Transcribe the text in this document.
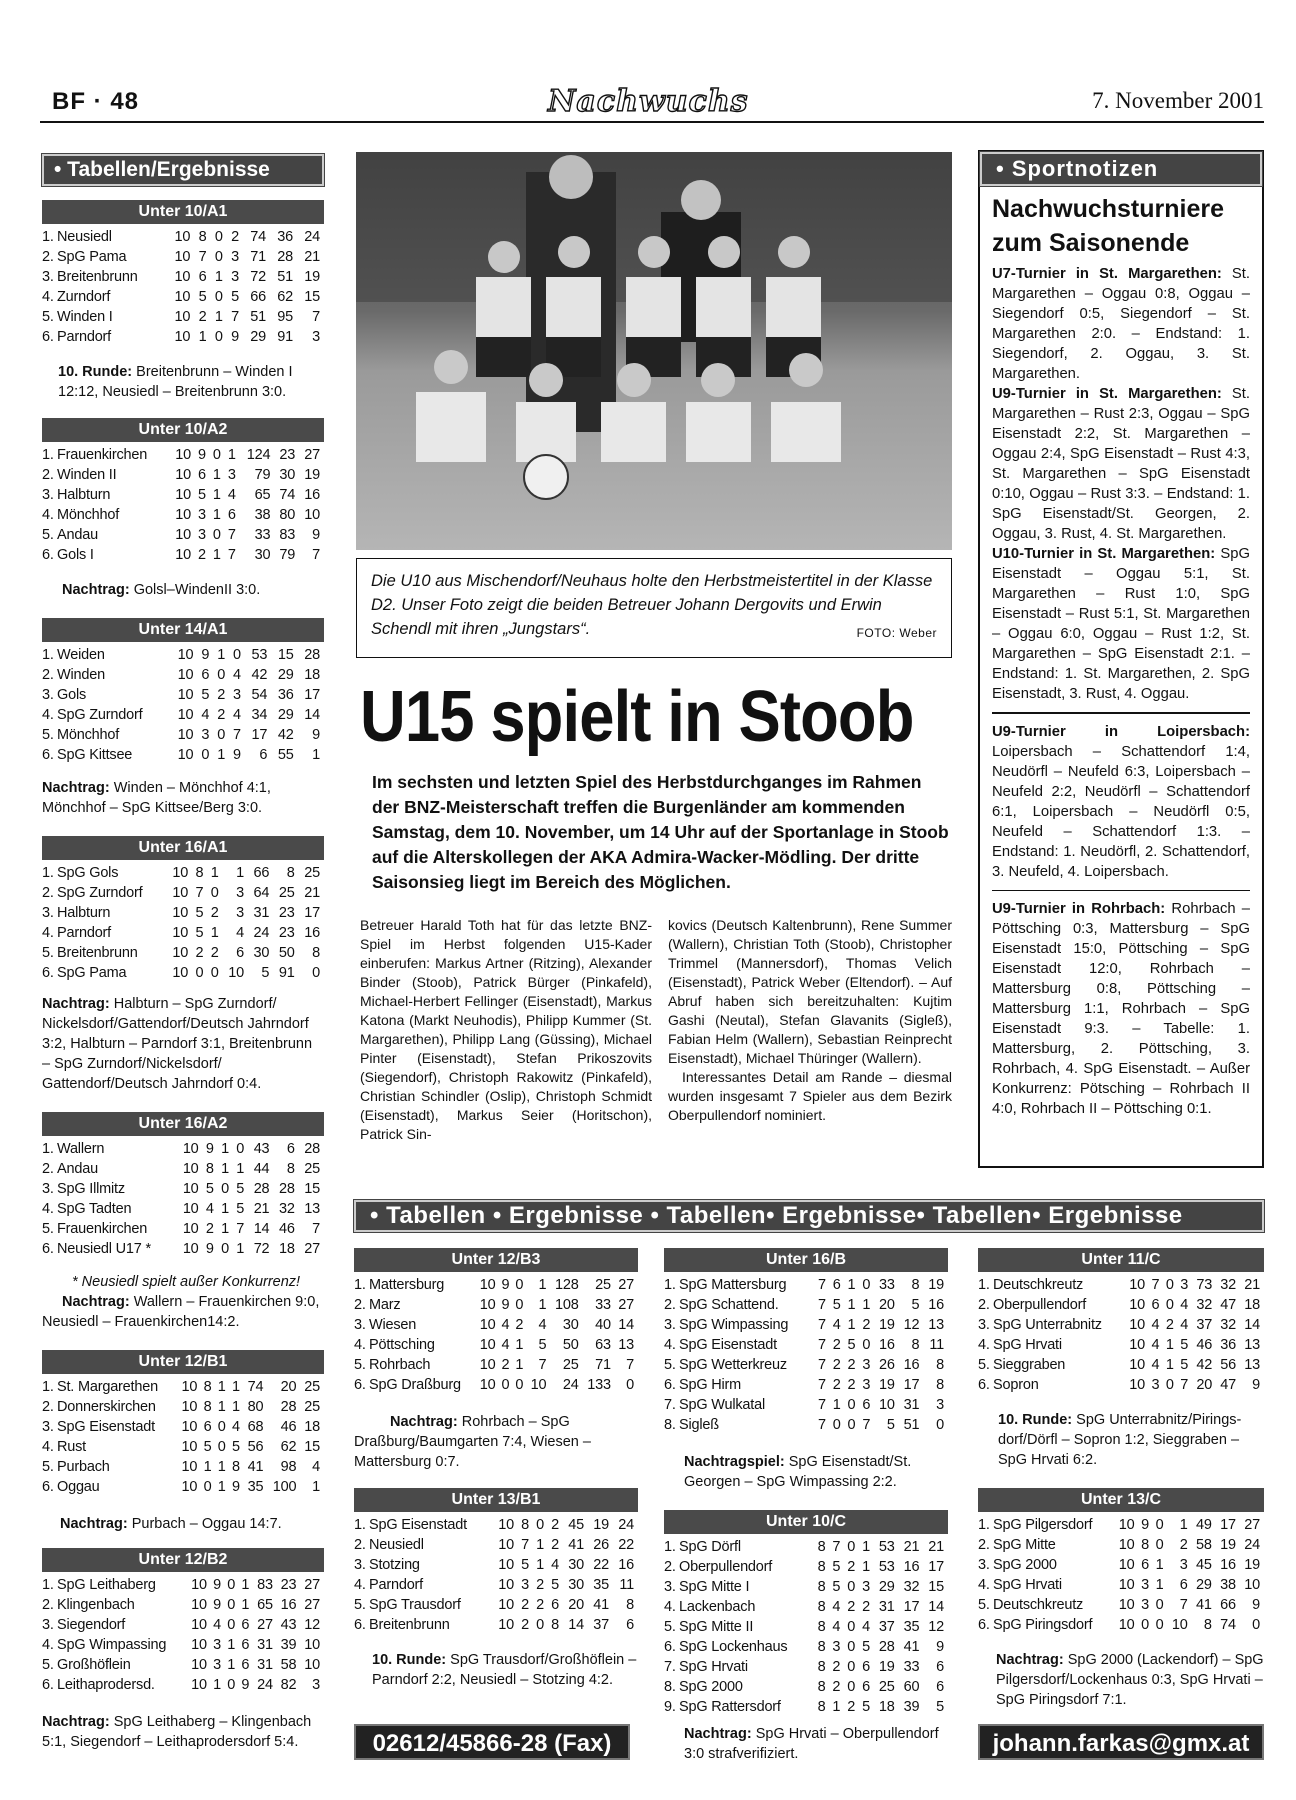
BF · 48	Nachwuchs	7. November 2001
• Tabellen/Ergebnisse
Unter 10/A1
1.	Neusiedl	10	8	0	2	74	36	24
2.	SpG Pama	10	7	0	3	71	28	21
3.	Breitenbrunn	10	6	1	3	72	51	19
4.	Zurndorf	10	5	0	5	66	62	15
5.	Winden I	10	2	1	7	51	95	7
6.	Parndorf	10	1	0	9	29	91	3
10. Runde: Breitenbrunn – Winden I 12:12, Neusiedl – Breitenbrunn 3:0.
Unter 10/A2
1.	Frauenkirchen	10	9	0	1	124	23	27
2.	Winden II	10	6	1	3	79	30	19
3.	Halbturn	10	5	1	4	65	74	16
4.	Mönchhof	10	3	1	6	38	80	10
5.	Andau	10	3	0	7	33	83	9
6.	Gols I	10	2	1	7	30	79	7
Nachtrag: Golsl–WindenII 3:0.
Unter 14/A1
1.	Weiden	10	9	1	0	53	15	28
2.	Winden	10	6	0	4	42	29	18
3.	Gols	10	5	2	3	54	36	17
4.	SpG Zurndorf	10	4	2	4	34	29	14
5.	Mönchhof	10	3	0	7	17	42	9
6.	SpG Kittsee	10	0	1	9	6	55	1
Nachtrag: Winden – Mönchhof 4:1, Mönchhof – SpG Kittsee/Berg 3:0.
Unter 16/A1
1.	SpG Gols	10	8	1	1	66	8	25
2.	SpG Zurndorf	10	7	0	3	64	25	21
3.	Halbturn	10	5	2	3	31	23	17
4.	Parndorf	10	5	1	4	24	23	16
5.	Breitenbrunn	10	2	2	6	30	50	8
6.	SpG Pama	10	0	0	10	5	91	0
Nachtrag: Halbturn – SpG Zurndorf/ Nickelsdorf/Gattendorf/Deutsch Jahrndorf 3:2, Halbturn – Parndorf 3:1, Breitenbrunn – SpG Zurndorf/Nickelsdorf/ Gattendorf/Deutsch Jahrndorf 0:4.
Unter 16/A2
1.	Wallern	10	9	1	0	43	6	28
2.	Andau	10	8	1	1	44	8	25
3.	SpG Illmitz	10	5	0	5	28	28	15
4.	SpG Tadten	10	4	1	5	21	32	13
5.	Frauenkirchen	10	2	1	7	14	46	7
6.	Neusiedl U17 *	10	9	0	1	72	18	27
* Neusiedl spielt außer Konkurrenz!
Nachtrag: Wallern – Frauenkirchen 9:0, Neusiedl – Frauenkirchen14:2.
Unter 12/B1
1.	St. Margarethen	10	8	1	1	74	20	25
2.	Donnerskirchen	10	8	1	1	80	28	25
3.	SpG Eisenstadt	10	6	0	4	68	46	18
4.	Rust	10	5	0	5	56	62	15
5.	Purbach	10	1	1	8	41	98	4
6.	Oggau	10	0	1	9	35	100	1
Nachtrag: Purbach – Oggau 14:7.
Unter 12/B2
1.	SpG Leithaberg	10	9	0	1	83	23	27
2.	Klingenbach	10	9	0	1	65	16	27
3.	Siegendorf	10	4	0	6	27	43	12
4.	SpG Wimpassing	10	3	1	6	31	39	10
5.	Großhöflein	10	3	1	6	31	58	10
6.	Leithaprodersd.	10	1	0	9	24	82	3
Nachtrag: SpG Leithaberg – Klingenbach 5:1, Siegendorf – Leithaprodersdorf 5:4.
Die U10 aus Mischendorf/Neuhaus holte den Herbstmeistertitel in der Klasse D2. Unser Foto zeigt die beiden Betreuer Johann Dergovits und Erwin Schendl mit ihren „Jungstars“.	FOTO: Weber
U15 spielt in Stoob
Im sechsten und letzten Spiel des Herbstdurchganges im Rahmen der BNZ-Meisterschaft treffen die Burgenländer am kommenden Samstag, dem 10. November, um 14 Uhr auf der Sportanlage in Stoob auf die Alterskollegen der AKA Admira-Wacker-Mödling. Der dritte Saisonsieg liegt im Bereich des Möglichen.
Betreuer Harald Toth hat für das letzte BNZ-Spiel im Herbst folgenden U15-Kader einberufen: Markus Artner (Ritzing), Alexander Binder (Stoob), Patrick Bürger (Pinkafeld), Michael-Herbert Fellinger (Eisenstadt), Markus Katona (Markt Neuhodis), Philipp Kummer (St. Margarethen), Philipp Lang (Güssing), Michael Pinter (Eisenstadt), Stefan Prikoszovits (Siegendorf), Christoph Rakowitz (Pinkafeld), Christian Schindler (Oslip), Christoph Schmidt (Eisenstadt), Markus Seier (Horitschon), Patrick Sin-
kovics (Deutsch Kaltenbrunn), Rene Summer (Wallern), Christian Toth (Stoob), Christopher Trimmel (Mannersdorf), Thomas Velich (Eisenstadt), Patrick Weber (Eltendorf). – Auf Abruf haben sich bereitzuhalten: Kujtim Gashi (Neutal), Stefan Glavanits (Sigleß), Fabian Helm (Wallern), Sebastian Reinprecht Eisenstadt), Michael Thüringer (Wallern).
Interessantes Detail am Rande – diesmal wurden insgesamt 7 Spieler aus dem Bezirk Oberpullendorf nominiert.
• Sportnotizen
Nachwuchsturniere zum Saisonende
U7-Turnier in St. Margarethen: St. Margarethen – Oggau 0:8, Oggau – Siegendorf 0:5, Siegendorf – St. Margarethen 2:0. – Endstand: 1. Siegendorf, 2. Oggau, 3. St. Margarethen.
U9-Turnier in St. Margarethen: St. Margarethen – Rust 2:3, Oggau – SpG Eisenstadt 2:2, St. Margarethen – Oggau 2:4, SpG Eisenstadt – Rust 4:3, St. Margarethen – SpG Eisenstadt 0:10, Oggau – Rust 3:3. – Endstand: 1. SpG Eisenstadt/St. Georgen, 2. Oggau, 3. Rust, 4. St. Margarethen.
U10-Turnier in St. Margarethen: SpG Eisenstadt – Oggau 5:1, St. Margarethen – Rust 1:0, SpG Eisenstadt – Rust 5:1, St. Margarethen – Oggau 6:0, Oggau – Rust 1:2, St. Margarethen – SpG Eisenstadt 2:1. – Endstand: 1. St. Margarethen, 2. SpG Eisenstadt, 3. Rust, 4. Oggau.
U9-Turnier in Loipersbach: Loipersbach – Schattendorf 1:4, Neudörfl – Neufeld 6:3, Loipersbach – Neufeld 2:2, Neudörfl – Schattendorf 6:1, Loipersbach – Neudörfl 0:5, Neufeld – Schattendorf 1:3. – Endstand: 1. Neudörfl, 2. Schattendorf, 3. Neufeld, 4. Loipersbach.
U9-Turnier in Rohrbach: Rohrbach – Pöttsching 0:3, Mattersburg – SpG Eisenstadt 15:0, Pöttsching – SpG Eisenstadt 12:0, Rohrbach – Mattersburg 0:8, Pöttsching – Mattersburg 1:1, Rohrbach – SpG Eisenstadt 9:3. – Tabelle: 1. Mattersburg, 2. Pöttsching, 3. Rohrbach, 4. SpG Eisenstadt. – Außer Konkurrenz: Pötsching – Rohrbach II 4:0, Rohrbach II – Pöttsching 0:1.
• Tabellen • Ergebnisse • Tabellen• Ergebnisse• Tabellen• Ergebnisse
Unter 12/B3
1.	Mattersburg	10	9	0	1	128	25	27
2.	Marz	10	9	0	1	108	33	27
3.	Wiesen	10	4	2	4	30	40	14
4.	Pöttsching	10	4	1	5	50	63	13
5.	Rohrbach	10	2	1	7	25	71	7
6.	SpG Draßburg	10	0	0	10	24	133	0
Nachtrag: Rohrbach – SpG Draßburg/Baumgarten 7:4, Wiesen – Mattersburg 0:7.
Unter 13/B1
1.	SpG Eisenstadt	10	8	0	2	45	19	24
2.	Neusiedl	10	7	1	2	41	26	22
3.	Stotzing	10	5	1	4	30	22	16
4.	Parndorf	10	3	2	5	30	35	11
5.	SpG Trausdorf	10	2	2	6	20	41	8
6.	Breitenbrunn	10	2	0	8	14	37	6
10. Runde: SpG Trausdorf/Großhöflein – Parndorf 2:2, Neusiedl – Stotzing 4:2.
02612/45866-28 (Fax)
Unter 16/B
1.	SpG Mattersburg	7	6	1	0	33	8	19
2.	SpG Schattend.	7	5	1	1	20	5	16
3.	SpG Wimpassing	7	4	1	2	19	12	13
4.	SpG Eisenstadt	7	2	5	0	16	8	11
5.	SpG Wetterkreuz	7	2	2	3	26	16	8
6.	SpG Hirm	7	2	2	3	19	17	8
7.	SpG Wulkatal	7	1	0	6	10	31	3
8.	Sigleß	7	0	0	7	5	51	0
Nachtragspiel: SpG Eisenstadt/St. Georgen – SpG Wimpassing 2:2.
Unter 10/C
1.	SpG Dörfl	8	7	0	1	53	21	21
2.	Oberpullendorf	8	5	2	1	53	16	17
3.	SpG Mitte I	8	5	0	3	29	32	15
4.	Lackenbach	8	4	2	2	31	17	14
5.	SpG Mitte II	8	4	0	4	37	35	12
6.	SpG Lockenhaus	8	3	0	5	28	41	9
7.	SpG Hrvati	8	2	0	6	19	33	6
8.	SpG 2000	8	2	0	6	25	60	6
9.	SpG Rattersdorf	8	1	2	5	18	39	5
Nachtrag: SpG Hrvati – Oberpullendorf 3:0 strafverifiziert.
Unter 11/C
1.	Deutschkreutz	10	7	0	3	73	32	21
2.	Oberpullendorf	10	6	0	4	32	47	18
3.	SpG Unterrabnitz	10	4	2	4	37	32	14
4.	SpG Hrvati	10	4	1	5	46	36	13
5.	Sieggraben	10	4	1	5	42	56	13
6.	Sopron	10	3	0	7	20	47	9
10. Runde: SpG Unterrabnitz/Pirings-dorf/Dörfl – Sopron 1:2, Sieggraben – SpG Hrvati 6:2.
Unter 13/C
1.	SpG Pilgersdorf	10	9	0	1	49	17	27
2.	SpG Mitte	10	8	0	2	58	19	24
3.	SpG 2000	10	6	1	3	45	16	19
4.	SpG Hrvati	10	3	1	6	29	38	10
5.	Deutschkreutz	10	3	0	7	41	66	9
6.	SpG Piringsdorf	10	0	0	10	8	74	0
Nachtrag: SpG 2000 (Lackendorf) – SpG Pilgersdorf/Lockenhaus 0:3, SpG Hrvati – SpG Piringsdorf 7:1.
johann.farkas@gmx.at
